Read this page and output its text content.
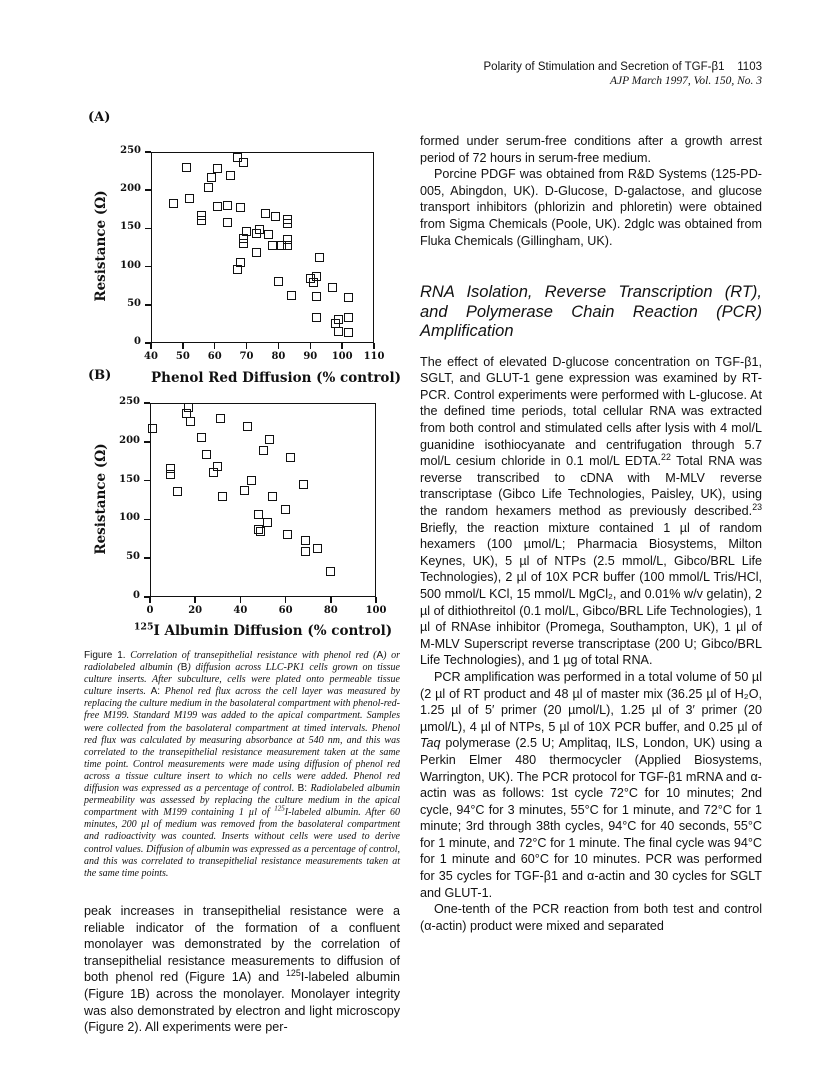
Polarity of Stimulation and Secretion of TGF-β1 1103
AJP March 1997, Vol. 150, No. 3
(A)
0
50
100
150
200
250
40	50	60	70	80	90	100	110
Phenol Red Diffusion (% control)
Resistance (Ω)
(B)
0
50
100
150
200
250
0	20	40	60	80	100
$^{125}$I Albumin Diffusion (% control)
Resistance (Ω)
Figure 1. Correlation of transepithelial resistance with phenol red (A) or radiolabeled albumin (B) diffusion across LLC-PK1 cells grown on tissue culture inserts. After subculture, cells were plated onto permeable tissue culture inserts. A: Phenol red flux across the cell layer was measured by replacing the culture medium in the basolateral compartment with phenol-red-free M199. Standard M199 was added to the apical compartment. Samples were collected from the basolateral compartment at timed intervals. Phenol red flux was calculated by measuring absorbance at 540 nm, and this was correlated to the transepithelial resistance measurement taken at the same time point. Control measurements were made using diffusion of phenol red across a tissue culture insert to which no cells were added. Phenol red diffusion was expressed as a percentage of control. B: Radiolabeled albumin permeability was assessed by replacing the culture medium in the apical compartment with M199 containing 1 µl of $^{125}$I-labeled albumin. After 60 minutes, 200 µl of medium was removed from the basolateral compartment and radioactivity was counted. Inserts without cells were used to derive control values. Diffusion of albumin was expressed as a percentage of control, and this was correlated to transepithelial resistance measurements taken at the same time points.

peak increases in transepithelial resistance were a reliable indicator of the formation of a confluent monolayer was demonstrated by the correlation of transepithelial resistance measurements to diffusion of both phenol red (Figure 1A) and $^{125}$I-labeled albumin (Figure 1B) across the monolayer. Monolayer integrity was also demonstrated by electron and light microscopy (Figure 2). All experiments were per-

formed under serum-free conditions after a growth arrest period of 72 hours in serum-free medium.

Porcine PDGF was obtained from R&D Systems (125-PD-005, Abingdon, UK). D-Glucose, D-galactose, and glucose transport inhibitors (phlorizin and phloretin) were obtained from Sigma Chemicals (Poole, UK). 2dglc was obtained from Fluka Chemicals (Gillingham, UK).

RNA Isolation, Reverse Transcription (RT), and Polymerase Chain Reaction (PCR) Amplification

The effect of elevated D-glucose concentration on TGF-β1, SGLT, and GLUT-1 gene expression was examined by RT-PCR. Control experiments were performed with L-glucose. At the defined time periods, total cellular RNA was extracted from both control and stimulated cells after lysis with 4 mol/L guanidine isothiocyanate and centrifugation through 5.7 mol/L cesium chloride in 0.1 mol/L EDTA.$^{22}$ Total RNA was reverse transcribed to cDNA with M-MLV reverse transcriptase (Gibco Life Technologies, Paisley, UK), using the random hexamers method as previously described.$^{23}$ Briefly, the reaction mixture contained 1 µl of random hexamers (100 µmol/L; Pharmacia Biosystems, Milton Keynes, UK), 5 µl of NTPs (2.5 mmol/L, Gibco/BRL Life Technologies), 2 µl of 10X PCR buffer (100 mmol/L Tris/HCl, 500 mmol/L KCl, 15 mmol/L MgCl₂, and 0.01% w/v gelatin), 2 µl of dithiothreitol (0.1 mol/L, Gibco/BRL Life Technologies), 1 µl of RNAse inhibitor (Promega, Southampton, UK), 1 µl of M-MLV Superscript reverse transcriptase (200 U; Gibco/BRL Life Technologies), and 1 µg of total RNA.

PCR amplification was performed in a total volume of 50 µl (2 µl of RT product and 48 µl of master mix (36.25 µl of H₂O, 1.25 µl of 5′ primer (20 µmol/L), 1.25 µl of 3′ primer (20 µmol/L), 4 µl of NTPs, 5 µl of 10X PCR buffer, and 0.25 µl of Taq polymerase (2.5 U; Amplitaq, ILS, London, UK) using a Perkin Elmer 480 thermocycler (Applied Biosystems, Warrington, UK). The PCR protocol for TGF-β1 mRNA and α-actin was as follows: 1st cycle 72°C for 10 minutes; 2nd cycle, 94°C for 3 minutes, 55°C for 1 minute, and 72°C for 1 minute; 3rd through 38th cycles, 94°C for 40 seconds, 55°C for 1 minute, and 72°C for 1 minute. The final cycle was 94°C for 1 minute and 60°C for 10 minutes. PCR was performed for 35 cycles for TGF-β1 and α-actin and 30 cycles for SGLT and GLUT-1.

One-tenth of the PCR reaction from both test and control (α-actin) product were mixed and separated
